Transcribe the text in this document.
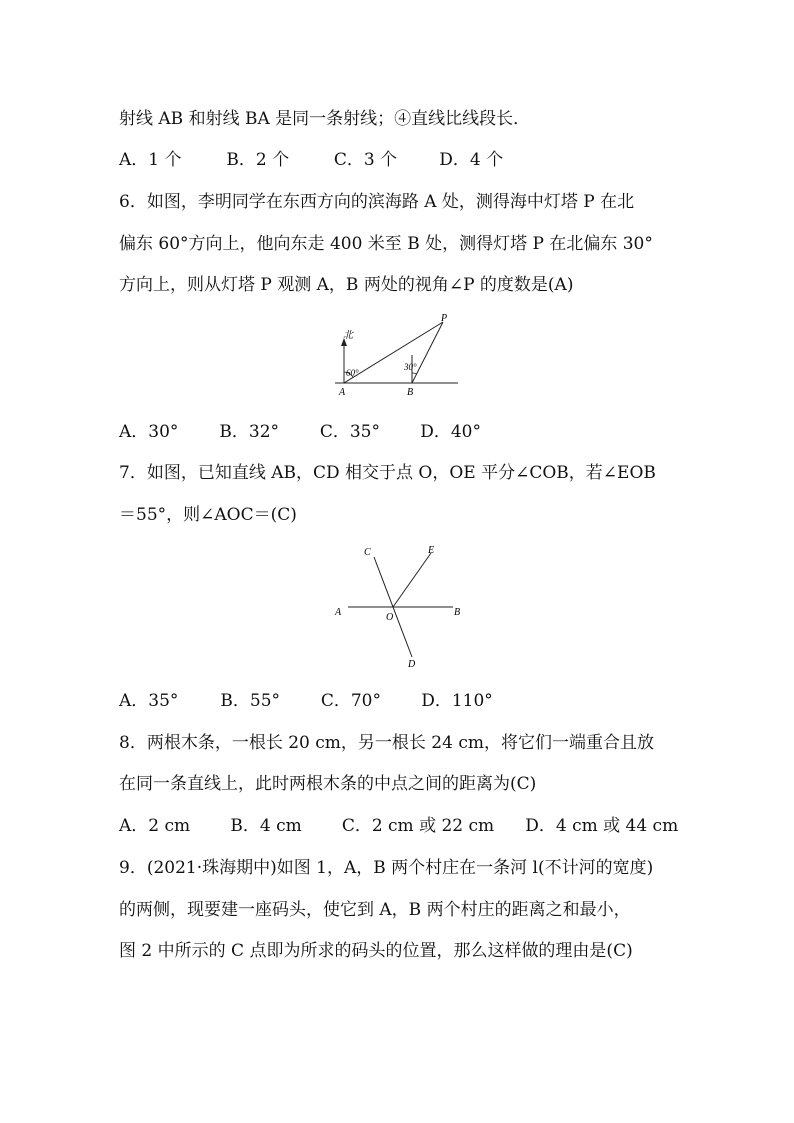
射线 AB 和射线 BA 是同一条射线；④直线比线段长．
A．1 个	B．2 个	C．3 个 D．4 个
6．如图，李明同学在东西方向的滨海路 A 处，测得海中灯塔 P 在北
偏东 60°方向上，他向东走 400 米至 B 处，测得灯塔 P 在北偏东 30°
方向上，则从灯塔 P 观测 A，B 两处的视角∠P 的度数是(A)
北
60°
30°
A	B
P
A．30° B．32° C．35° D．40°
7．如图，已知直线 AB，CD 相交于点 O，OE 平分∠COB，若∠EOB
＝55°，则∠AOC＝(C)
C	E
A	O	B
D
A．35° B．55° C．70° D．110°
8．两根木条，一根长 20 cm，另一根长 24 cm，将它们一端重合且放
在同一条直线上，此时两根木条的中点之间的距离为(C)
A．2 cm B．4 cm C．2 cm 或 22 cm D．4 cm 或 44 cm
9．(2021·珠海期中)如图 1，A，B 两个村庄在一条河 l(不计河的宽度)
的两侧，现要建一座码头，使它到 A，B 两个村庄的距离之和最小，
图 2 中所示的 C 点即为所求的码头的位置，那么这样做的理由是(C)
